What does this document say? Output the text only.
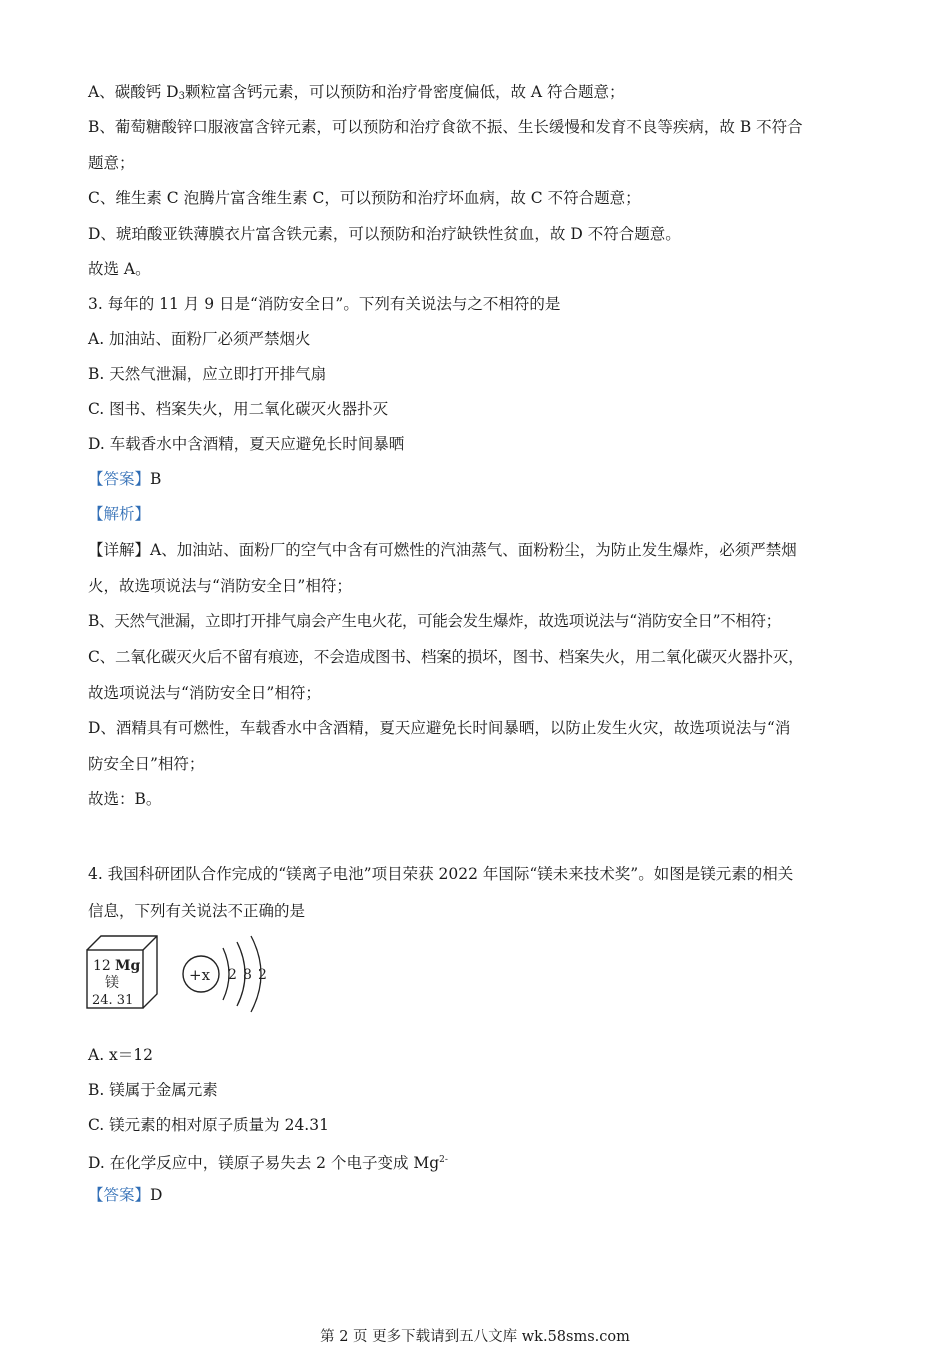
A、碳酸钙 $D_3$颗粒富含钙元素，可以预防和治疗骨密度偏低，故 A 符合题意；
B、葡萄糖酸锌口服液富含锌元素，可以预防和治疗食欲不振、生长缓慢和发育不良等疾病，故 B 不符合
题意；
C、维生素 C 泡腾片富含维生素 C，可以预防和治疗坏血病，故 C 不符合题意；
D、琥珀酸亚铁薄膜衣片富含铁元素，可以预防和治疗缺铁性贫血，故 D 不符合题意。
故选 A。
3. 每年的 11 月 9 日是“消防安全日”。下列有关说法与之不相符的是
A. 加油站、面粉厂必须严禁烟火
B. 天然气泄漏，应立即打开排气扇
C. 图书、档案失火，用二氧化碳灭火器扑灭
D. 车载香水中含酒精，夏天应避免长时间暴晒
【答案】B
【解析】
【详解】A、加油站、面粉厂的空气中含有可燃性的汽油蒸气、面粉粉尘，为防止发生爆炸，必须严禁烟
火，故选项说法与“消防安全日”相符；
B、天然气泄漏，立即打开排气扇会产生电火花，可能会发生爆炸，故选项说法与“消防安全日”不相符；
C、二氧化碳灭火后不留有痕迹，不会造成图书、档案的损坏，图书、档案失火，用二氧化碳灭火器扑灭，
故选项说法与“消防安全日”相符；
D、酒精具有可燃性，车载香水中含酒精，夏天应避免长时间暴晒，以防止发生火灾，故选项说法与“消
防安全日”相符；
故选：B。
4. 我国科研团队合作完成的“镁离子电池”项目荣获 2022 年国际“镁未来技术奖”。如图是镁元素的相关
信息，下列有关说法不正确的是
12 Mg
镁
24. 31
+x 2 8 2
A. x＝12
B. 镁属于金属元素
C. 镁元素的相对原子质量为 24.31
D. 在化学反应中，镁原子易失去 2 个电子变成 $Mg^{2-}$
【答案】D
第 2 页 更多下载请到五八文库 wk.58sms.com
